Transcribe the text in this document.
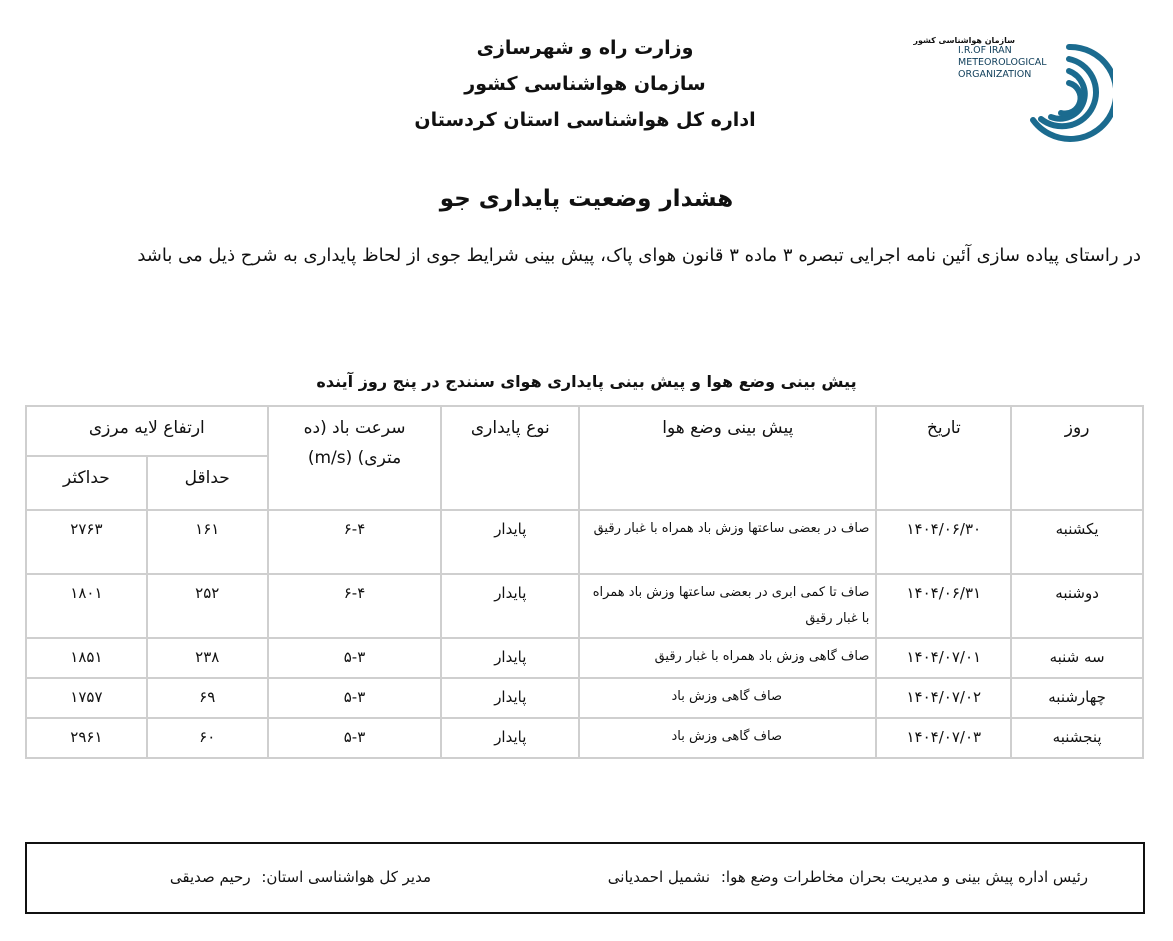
وزارت راه و شهرسازی
سازمان هواشناسی کشور
اداره کل هواشناسی استان کردستان
سازمان هواشناسی کشور
I.R.OF IRAN
METEOROLOGICAL
ORGANIZATION
هشدار وضعیت پایداری جو
در راستای پیاده سازی آئین نامه اجرایی تبصره ۳ ماده ۳ قانون هوای پاک، پیش بینی شرایط جوی از لحاظ پایداری به شرح ذیل می باشد
پیش بینی وضع هوا و پیش بینی پایداری هوای سنندج در پنج روز آینده
روز	تاریخ	پیش بینی وضع هوا	نوع پایداری	سرعت باد (ده متری) (m/s)	ارتفاع لایه مرزی	
					حداقل	حداکثر
یکشنبه	۱۴۰۴/۰۶/۳۰	صاف در بعضی ساعتها وزش باد همراه با غبار رقیق	پایدار	۶-۴	۱۶۱	۲۷۶۳
دوشنبه	۱۴۰۴/۰۶/۳۱	صاف تا کمی ابری در بعضی ساعتها وزش باد همراه با غبار رقیق	پایدار	۶-۴	۲۵۲	۱۸۰۱
سه شنبه	۱۴۰۴/۰۷/۰۱	صاف گاهی وزش باد همراه با غبار رقیق	پایدار	۵-۳	۲۳۸	۱۸۵۱
چهارشنبه	۱۴۰۴/۰۷/۰۲	صاف گاهی وزش باد	پایدار	۵-۳	۶۹	۱۷۵۷
پنجشنبه	۱۴۰۴/۰۷/۰۳	صاف گاهی وزش باد	پایدار	۵-۳	۶۰	۲۹۶۱
رئیس اداره پیش بینی و مدیریت بحران مخاطرات وضع هوا: نشمیل احمدیانی
مدیر کل هواشناسی استان: رحیم صدیقی
